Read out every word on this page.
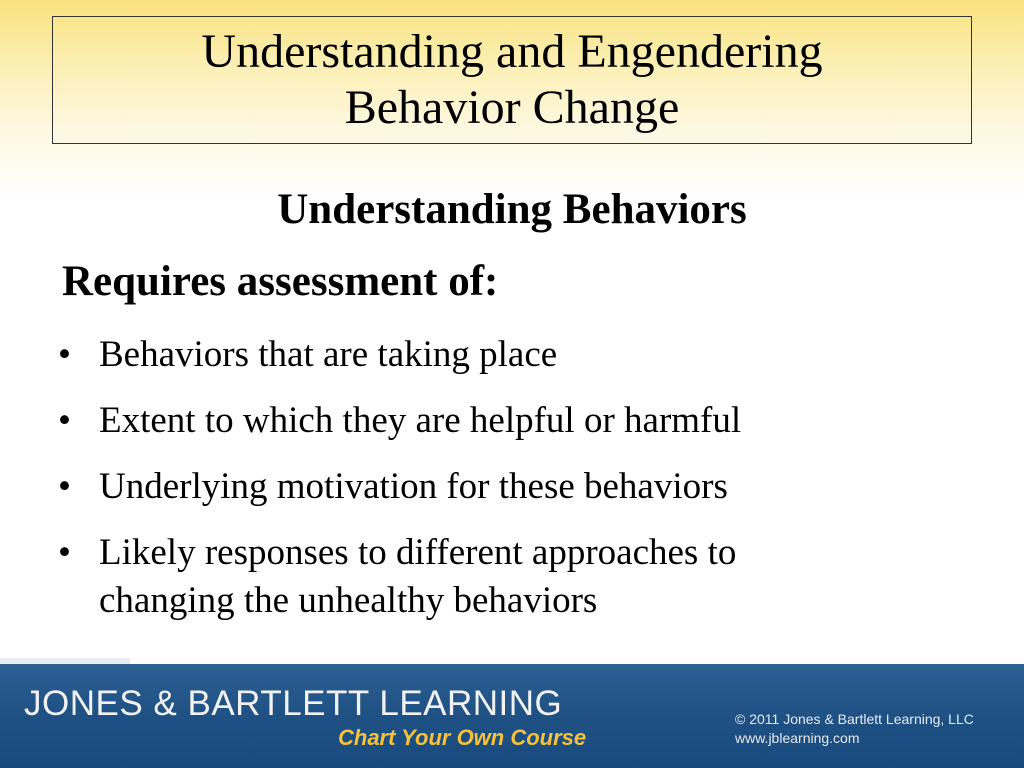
Understanding and Engendering
Behavior Change
Understanding Behaviors
Requires assessment of:
• Behaviors that are taking place
• Extent to which they are helpful or harmful
• Underlying motivation for these behaviors
• Likely responses to different approaches to
changing the unhealthy behaviors
JONES & BARTLETT LEARNING
Chart Your Own Course
© 2011 Jones & Bartlett Learning, LLC
www.jblearning.com
